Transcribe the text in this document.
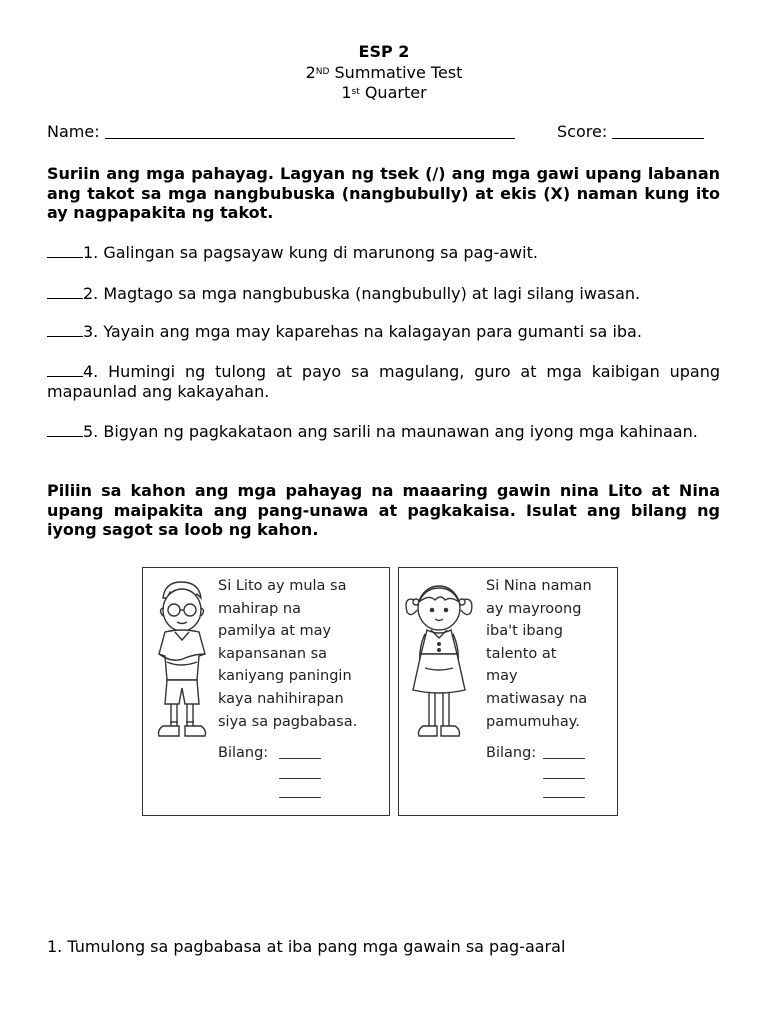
ESP 2
2ND Summative Test
1st Quarter
Name:	Score:
Suriin ang mga pahayag. Lagyan ng tsek (/) ang mga gawi upang labanan ang takot sa mga nangbubuska (nangbubully) at ekis (X) naman kung ito ay nagpapakita ng takot.
1. Galingan sa pagsayaw kung di marunong sa pag-awit.
2. Magtago sa mga nangbubuska (nangbubully) at lagi silang iwasan.
3. Yayain ang mga may kaparehas na kalagayan para gumanti sa iba.
4. Humingi ng tulong at payo sa magulang, guro at mga kaibigan upang mapaunlad ang kakayahan.
5. Bigyan ng pagkakataon ang sarili na maunawan ang iyong mga kahinaan.
Piliin sa kahon ang mga pahayag na maaaring gawin nina Lito at Nina upang maipakita ang pang-unawa at pagkakaisa. Isulat ang bilang ng iyong sagot sa loob ng kahon.
Si Lito ay mula sa
mahirap na
pamilya at may
kapansanan sa
kaniyang paningin
kaya nahihirapan
siya sa pagbabasa.
Bilang:
Si Nina naman
ay mayroong
iba't ibang
talento at
may
matiwasay na
pamumuhay.
Bilang:
1. Tumulong sa pagbabasa at iba pang mga gawain sa pag-aaral
